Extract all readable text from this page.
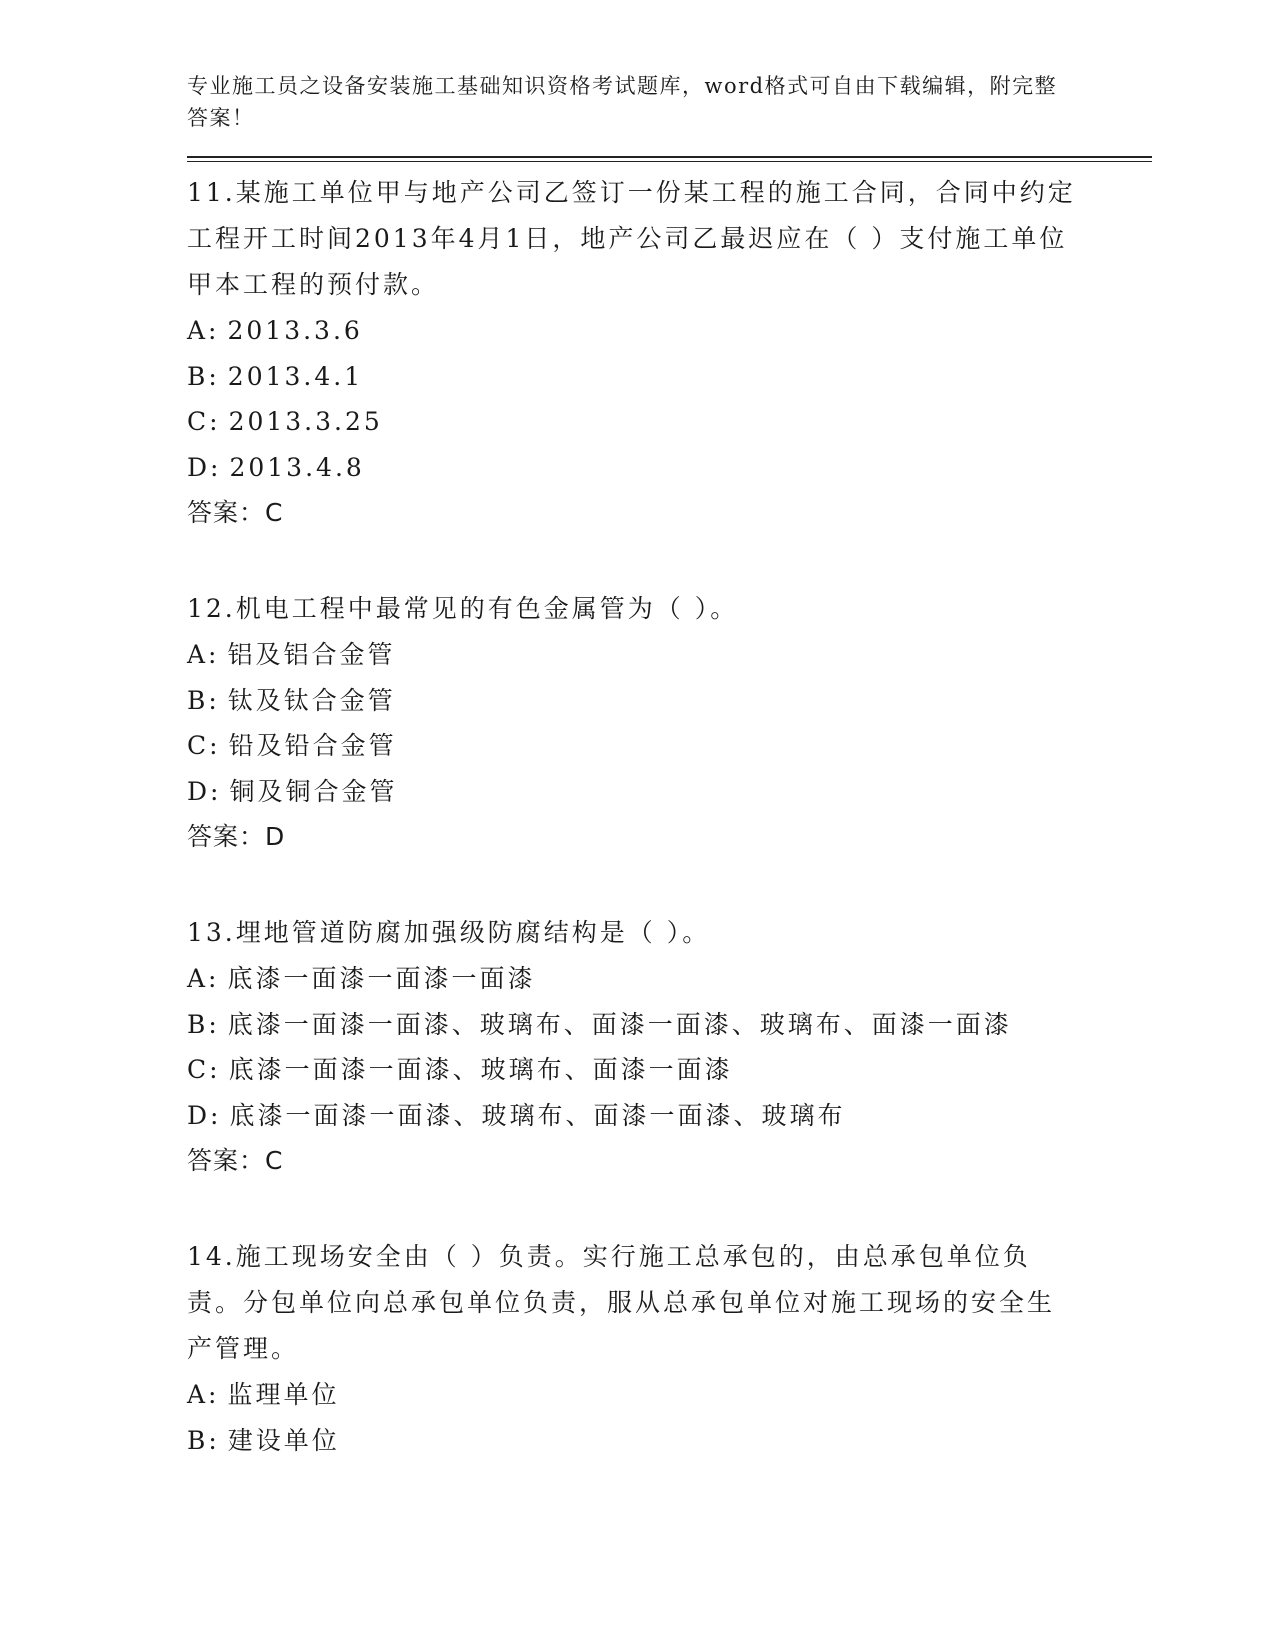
专业施工员之设备安装施工基础知识资格考试题库，word格式可自由下载编辑，附完整答案！

11.某施工单位甲与地产公司乙签订一份某工程的施工合同，合同中约定工程开工时间2013年4月1日，地产公司乙最迟应在（ ）支付施工单位甲本工程的预付款。

A: 2013.3.6

B: 2013.4.1

C: 2013.3.25

D: 2013.4.8

答案：C

12.机电工程中最常见的有色金属管为（ ）。

A: 铝及铝合金管

B: 钛及钛合金管

C: 铅及铅合金管

D: 铜及铜合金管

答案：D

13.埋地管道防腐加强级防腐结构是（ ）。

A: 底漆一面漆一面漆一面漆

B: 底漆一面漆一面漆、玻璃布、面漆一面漆、玻璃布、面漆一面漆

C: 底漆一面漆一面漆、玻璃布、面漆一面漆

D: 底漆一面漆一面漆、玻璃布、面漆一面漆、玻璃布

答案：C

14.施工现场安全由（ ）负责。实行施工总承包的，由总承包单位负责。分包单位向总承包单位负责，服从总承包单位对施工现场的安全生产管理。

A: 监理单位

B: 建设单位
